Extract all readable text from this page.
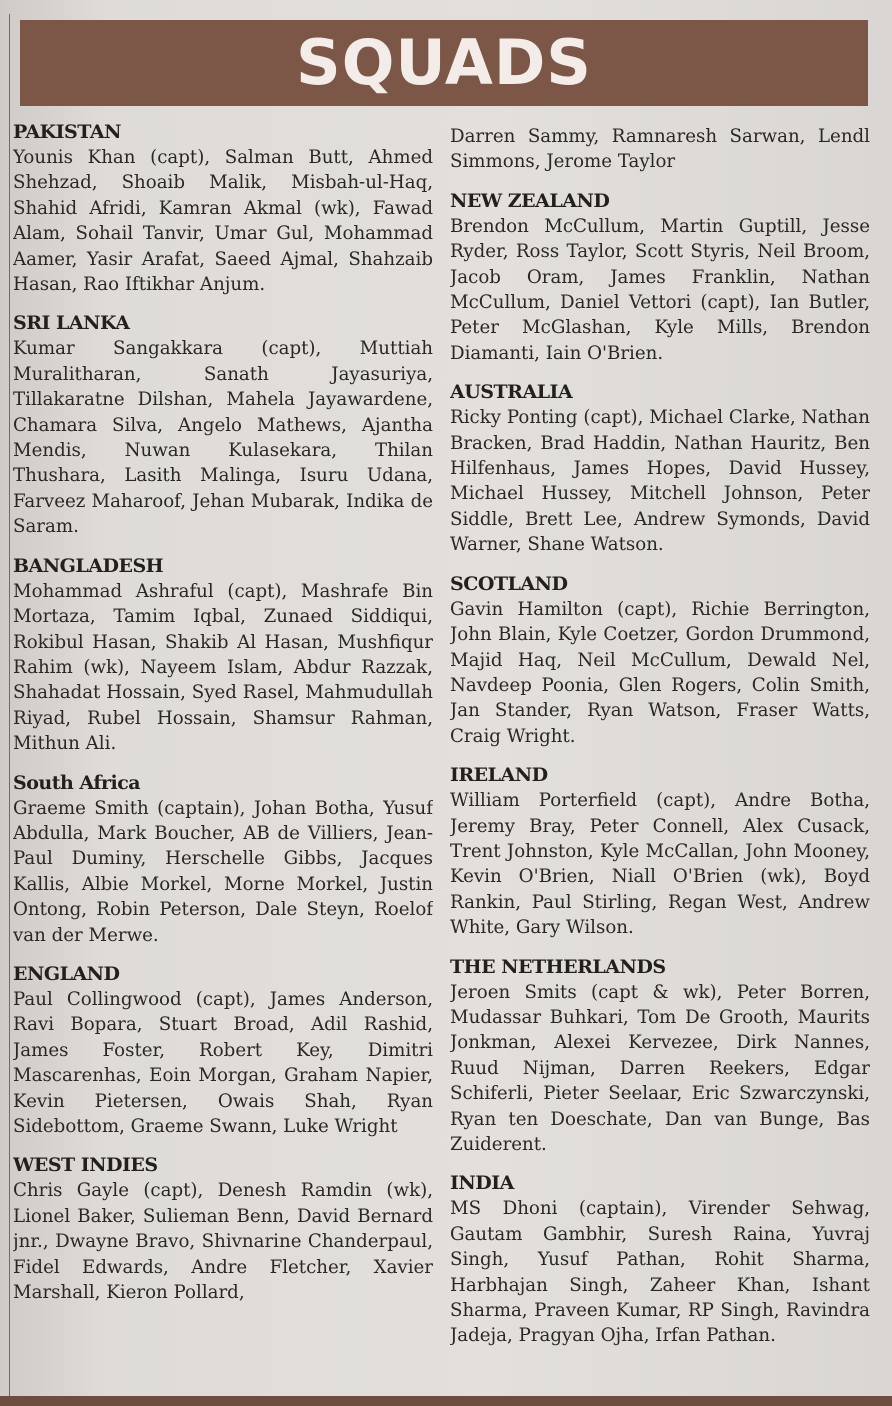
SQUADS
PAKISTAN
Younis Khan (capt), Salman Butt, Ahmed Shehzad, Shoaib Malik, Misbah-ul-Haq, Shahid Afridi, Kamran Akmal (wk), Fawad Alam, Sohail Tanvir, Umar Gul, Mohammad Aamer, Yasir Arafat, Saeed Ajmal, Shahzaib Hasan, Rao Iftikhar Anjum.
SRI LANKA
Kumar Sangakkara (capt), Muttiah Muralitharan, Sanath Jayasuriya, Tillakaratne Dilshan, Mahela Jayawardene, Chamara Silva, Angelo Mathews, Ajantha Mendis, Nuwan Kulasekara, Thilan Thushara, Lasith Malinga, Isuru Udana, Farveez Maharoof, Jehan Mubarak, Indika de Saram.
BANGLADESH
Mohammad Ashraful (capt), Mashrafe Bin Mortaza, Tamim Iqbal, Zunaed Siddiqui, Rokibul Hasan, Shakib Al Hasan, Mushfiqur Rahim (wk), Nayeem Islam, Abdur Razzak, Shahadat Hossain, Syed Rasel, Mahmudullah Riyad, Rubel Hossain, Shamsur Rahman, Mithun Ali.
South Africa
Graeme Smith (captain), Johan Botha, Yusuf Abdulla, Mark Boucher, AB de Villiers, Jean-Paul Duminy, Herschelle Gibbs, Jacques Kallis, Albie Morkel, Morne Morkel, Justin Ontong, Robin Peterson, Dale Steyn, Roelof van der Merwe.
ENGLAND
Paul Collingwood (capt), James Anderson, Ravi Bopara, Stuart Broad, Adil Rashid, James Foster, Robert Key, Dimitri Mascarenhas, Eoin Morgan, Graham Napier, Kevin Pietersen, Owais Shah, Ryan Sidebottom, Graeme Swann, Luke Wright
WEST INDIES
Chris Gayle (capt), Denesh Ramdin (wk), Lionel Baker, Sulieman Benn, David Bernard jnr., Dwayne Bravo, Shivnarine Chanderpaul, Fidel Edwards, Andre Fletcher, Xavier Marshall, Kieron Pollard,
Darren Sammy, Ramnaresh Sarwan, Lendl Simmons, Jerome Taylor
NEW ZEALAND
Brendon McCullum, Martin Guptill, Jesse Ryder, Ross Taylor, Scott Styris, Neil Broom, Jacob Oram, James Franklin, Nathan McCullum, Daniel Vettori (capt), Ian Butler, Peter McGlashan, Kyle Mills, Brendon Diamanti, Iain O'Brien.
AUSTRALIA
Ricky Ponting (capt), Michael Clarke, Nathan Bracken, Brad Haddin, Nathan Hauritz, Ben Hilfenhaus, James Hopes, David Hussey, Michael Hussey, Mitchell Johnson, Peter Siddle, Brett Lee, Andrew Symonds, David Warner, Shane Watson.
SCOTLAND
Gavin Hamilton (capt), Richie Berrington, John Blain, Kyle Coetzer, Gordon Drummond, Majid Haq, Neil McCullum, Dewald Nel, Navdeep Poonia, Glen Rogers, Colin Smith, Jan Stander, Ryan Watson, Fraser Watts, Craig Wright.
IRELAND
William Porterfield (capt), Andre Botha, Jeremy Bray, Peter Connell, Alex Cusack, Trent Johnston, Kyle McCallan, John Mooney, Kevin O'Brien, Niall O'Brien (wk), Boyd Rankin, Paul Stirling, Regan West, Andrew White, Gary Wilson.
THE NETHERLANDS
Jeroen Smits (capt & wk), Peter Borren, Mudassar Buhkari, Tom De Grooth, Maurits Jonkman, Alexei Kervezee, Dirk Nannes, Ruud Nijman, Darren Reekers, Edgar Schiferli, Pieter Seelaar, Eric Szwarczynski, Ryan ten Doeschate, Dan van Bunge, Bas Zuiderent.
INDIA
MS Dhoni (captain), Virender Sehwag, Gautam Gambhir, Suresh Raina, Yuvraj Singh, Yusuf Pathan, Rohit Sharma, Harbhajan Singh, Zaheer Khan, Ishant Sharma, Praveen Kumar, RP Singh, Ravindra Jadeja, Pragyan Ojha, Irfan Pathan.
